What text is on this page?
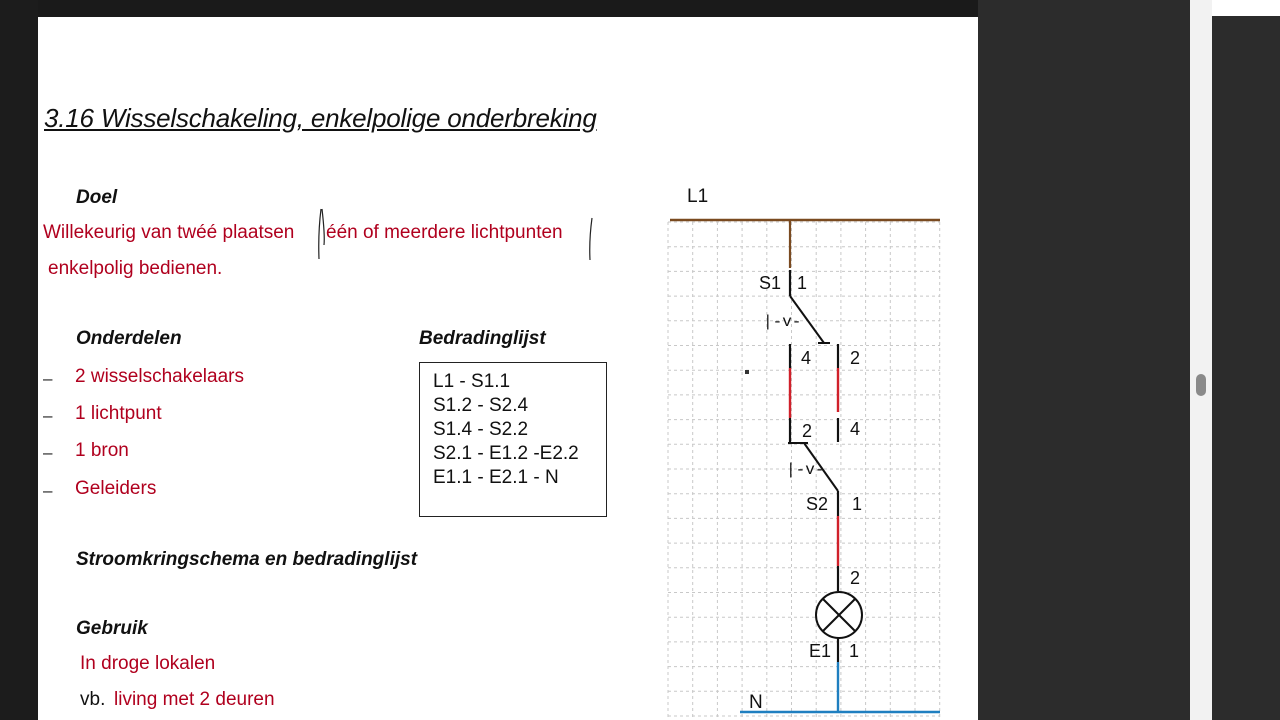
3.16 Wisselschakeling, enkelpolige onderbreking
Doel
Willekeurig van twéé plaatsen één of meerdere lichtpunten
enkelpolig bedienen.
Onderdelen
– 2 wisselschakelaars
– 1 lichtpunt
– 1 bron
– Geleiders
Bedradinglijst
L1 - S1.1
S1.2 - S2.4
S1.4 - S2.2
S2.1 - E1.2 -E2.2
E1.1 - E2.1 - N
Stroomkringschema en bedradinglijst
Gebruik
In droge lokalen
vb. living met 2 deuren
L1
S1 1
4 2
|-v-
2 4
S2 1
|-v-
2
E1 1
N
